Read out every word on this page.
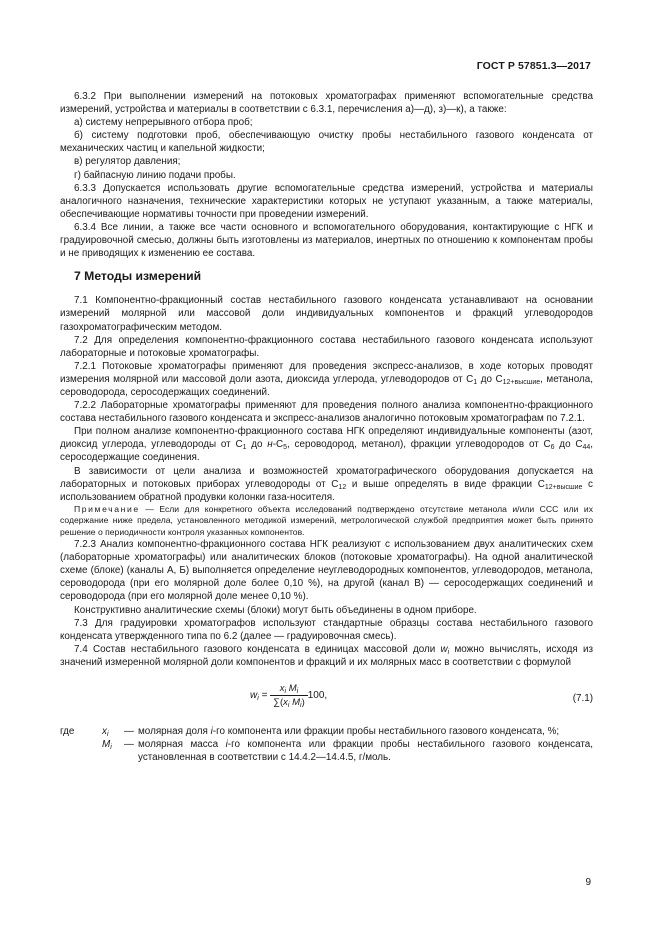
ГОСТ Р 57851.3—2017

6.3.2 При выполнении измерений на потоковых хроматографах применяют вспомогательные средства измерений, устройства и материалы в соответствии с 6.3.1, перечисления а)—д), з)—к), а также:

а) систему непрерывного отбора проб;

б) систему подготовки проб, обеспечивающую очистку пробы нестабильного газового конденсата от механических частиц и капельной жидкости;

в) регулятор давления;

г) байпасную линию подачи пробы.

6.3.3 Допускается использовать другие вспомогательные средства измерений, устройства и материалы аналогичного назначения, технические характеристики которых не уступают указанным, а также материалы, обеспечивающие нормативы точности при проведении измерений.

6.3.4 Все линии, а также все части основного и вспомогательного оборудования, контактирующие с НГК и градуировочной смесью, должны быть изготовлены из материалов, инертных по отношению к компонентам пробы и не приводящих к изменению ее состава.

7 Методы измерений

7.1 Компонентно-фракционный состав нестабильного газового конденсата устанавливают на основании измерений молярной или массовой доли индивидуальных компонентов и фракций углеводородов газохроматографическим методом.

7.2 Для определения компонентно-фракционного состава нестабильного газового конденсата используют лабораторные и потоковые хроматографы.

7.2.1 Потоковые хроматографы применяют для проведения экспресс-анализов, в ходе которых проводят измерения молярной или массовой доли азота, диоксида углерода, углеводородов от $C_1$ до $C_{12+высшие}$, метанола, сероводорода, серосодержащих соединений.

7.2.2 Лабораторные хроматографы применяют для проведения полного анализа компонентно-фракционного состава нестабильного газового конденсата и экспресс-анализов аналогично потоковым хроматографам по 7.2.1.

При полном анализе компонентно-фракционного состава НГК определяют индивидуальные компоненты (азот, диоксид углерода, углеводороды от $C_1$ до $н-C_5$, сероводород, метанол), фракции углеводородов от $C_6$ до $C_{44}$, серосодержащие соединения.

В зависимости от цели анализа и возможностей хроматографического оборудования допускается на лабораторных и потоковых приборах углеводороды от $C_{12}$ и выше определять в виде фракции $C_{12+высшие}$ с использованием обратной продувки колонки газа-носителя.

Примечание — Если для конкретного объекта исследований подтверждено отсутствие метанола и/или ССС или их содержание ниже предела, установленного методикой измерений, метрологической службой предприятия может быть принято решение о периодичности контроля указанных компонентов.

7.2.3 Анализ компонентно-фракционного состава НГК реализуют с использованием двух аналитических схем (лабораторные хроматографы) или аналитических блоков (потоковые хроматографы). На одной аналитической схеме (блоке) (каналы А, Б) выполняется определение неуглеводородных компонентов, углеводородов, метанола, сероводорода (при его молярной доле более 0,10 %), на другой (канал В) — серосодержащих соединений и сероводорода (при его молярной доле менее 0,10 %).

Конструктивно аналитические схемы (блоки) могут быть объединены в одном приборе.

7.3 Для градуировки хроматографов используют стандартные образцы состава нестабильного газового конденсата утвержденного типа по 6.2 (далее — градуировочная смесь).

7.4 Состав нестабильного газового конденсата в единицах массовой доли $w_i$ можно вычислять, исходя из значений измеренной молярной доли компонентов и фракций и их молярных масс в соответствии с формулой

$w_i = \frac{x_i M_i}{\sum(x_i M_i)} 100$,	(7.1)
где	$x_i$	— молярная доля i-го компонента или фракции пробы нестабильного газового конденсата, %;
$M_i$	— молярная масса i-го компонента или фракции пробы нестабильного газового конденсата, установленная в соответствии с 14.4.2—14.4.5, г/моль.
9
